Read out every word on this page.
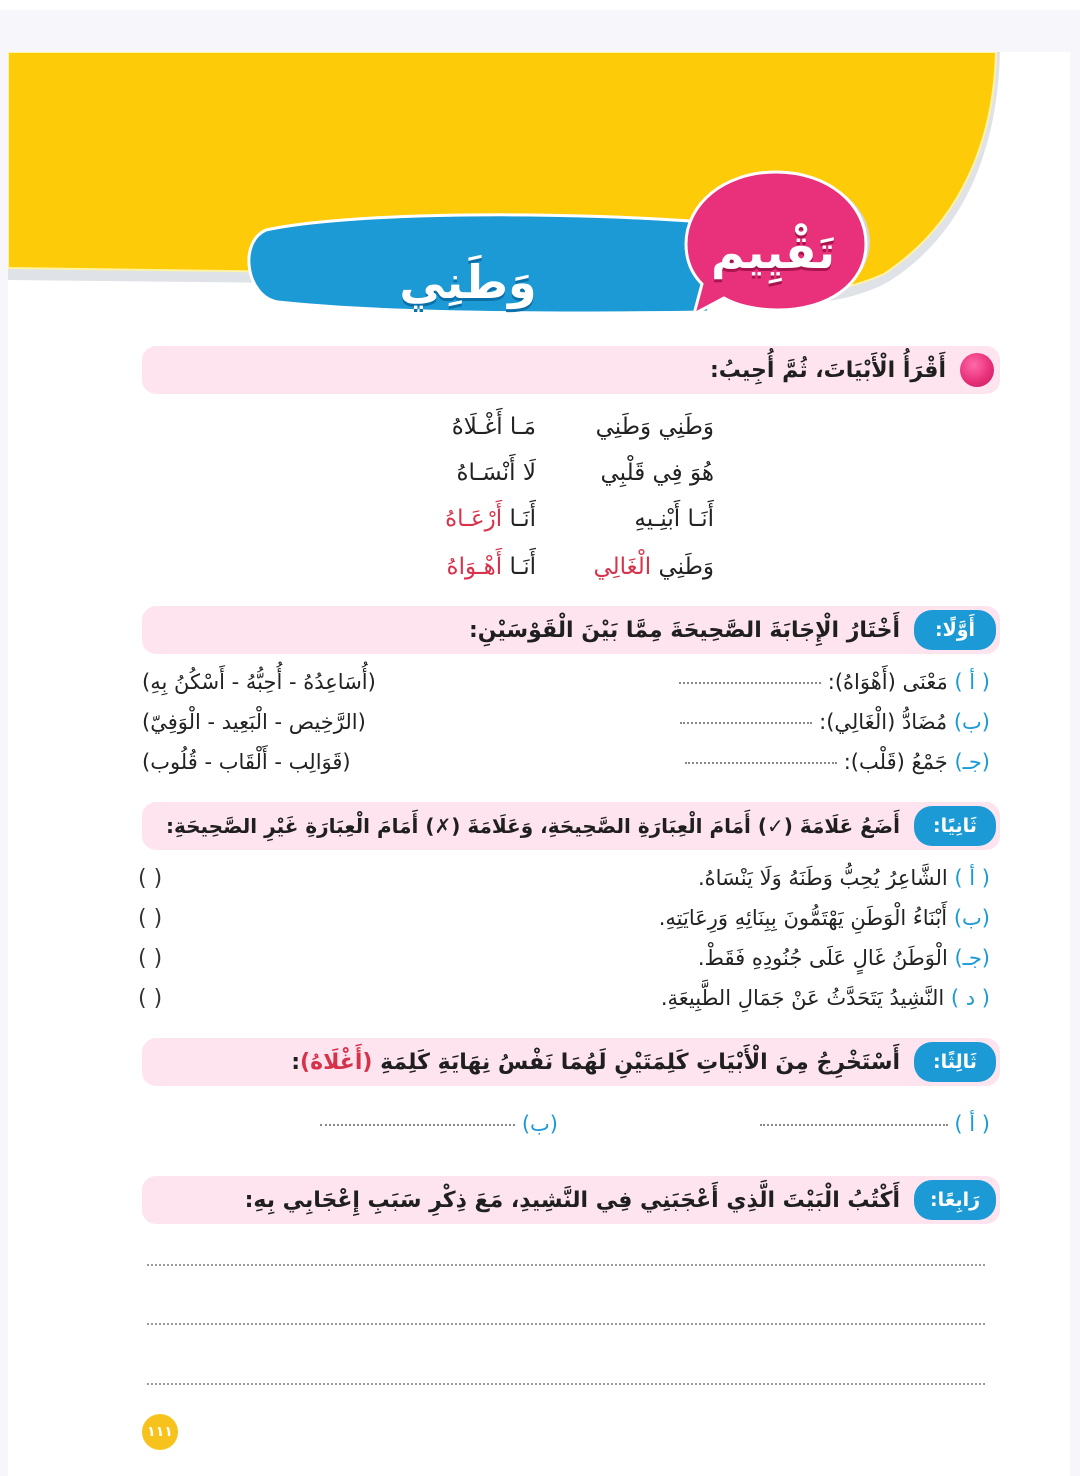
وَطَنِي
تَقْيِيم
أَقْرَأُ الْأَبْيَاتَ، ثُمَّ أُجِيبُ:
وَطَنِي وَطَنِي
مَـا أَغْـلَاهُ
هُوَ فِي قَلْبِي
لَا أَنْسَـاهُ
أَنَـا أَبْنِـيهِ
أَنَـا أَرْعَـاهُ
وَطَنِي الْغَالِي
أَنَـا أَهْـوَاهُ
أَوَّلًا:
أَخْتَارُ الْإِجَابَةَ الصَّحِيحَةَ مِمَّا بَيْنَ الْقَوْسَيْنِ:
( أ ) مَعْنَى (أَهْوَاهُ):
(أُسَاعِدُهُ - أُحِبُّهُ - أَسْكُنُ بِهِ)
(ب) مُضَادُّ (الْغَالِي):
(الرَّخِيص - الْبَعِيد - الْوَفِيّ)
(جـ) جَمْعُ (قَلْب):
(قَوَالِب - أَلْقَاب - قُلُوب)
ثَانِيًا:
أَضَعُ عَلَامَةَ (✓) أَمَامَ الْعِبَارَةِ الصَّحِيحَةِ، وَعَلَامَةَ (✗) أَمَامَ الْعِبَارَةِ غَيْرِ الصَّحِيحَةِ:
( أ ) الشَّاعِرُ يُحِبُّ وَطَنَهُ وَلَا يَنْسَاهُ.
( )
(ب) أَبْنَاءُ الْوَطَنِ يَهْتَمُّونَ بِبِنَائِهِ وَرِعَايَتِهِ.
( )
(جـ) الْوَطَنُ غَالٍ عَلَى جُنُودِهِ فَقَطْ.
( )
( د ) النَّشِيدُ يَتَحَدَّثُ عَنْ جَمَالِ الطَّبِيعَةِ.
( )
ثَالِثًا:
أَسْتَخْرِجُ مِنَ الْأَبْيَاتِ كَلِمَتَيْنِ لَهُمَا نَفْسُ نِهَايَةِ كَلِمَةِ (أَغْلَاهُ):
( أ )
(ب)
رَابِعًا:
أَكْتُبُ الْبَيْتَ الَّذِي أَعْجَبَنِي فِي النَّشِيدِ، مَعَ ذِكْرِ سَبَبِ إِعْجَابِي بِهِ:
١١١
